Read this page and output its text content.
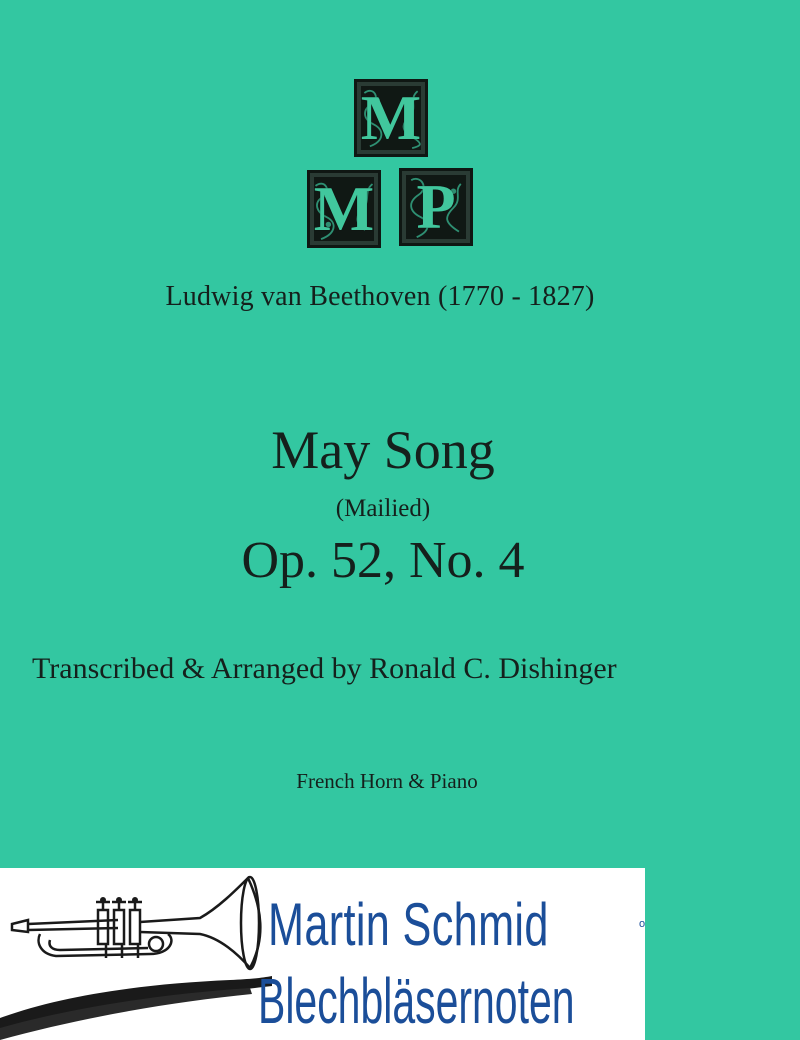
M
M P
Ludwig van Beethoven (1770 - 1827)
May Song
(Mailied)
Op. 52, No. 4
Transcribed & Arranged by Ronald C. Dishinger
French Horn & Piano
Martin Schmid
Blechbläsernoten
o
